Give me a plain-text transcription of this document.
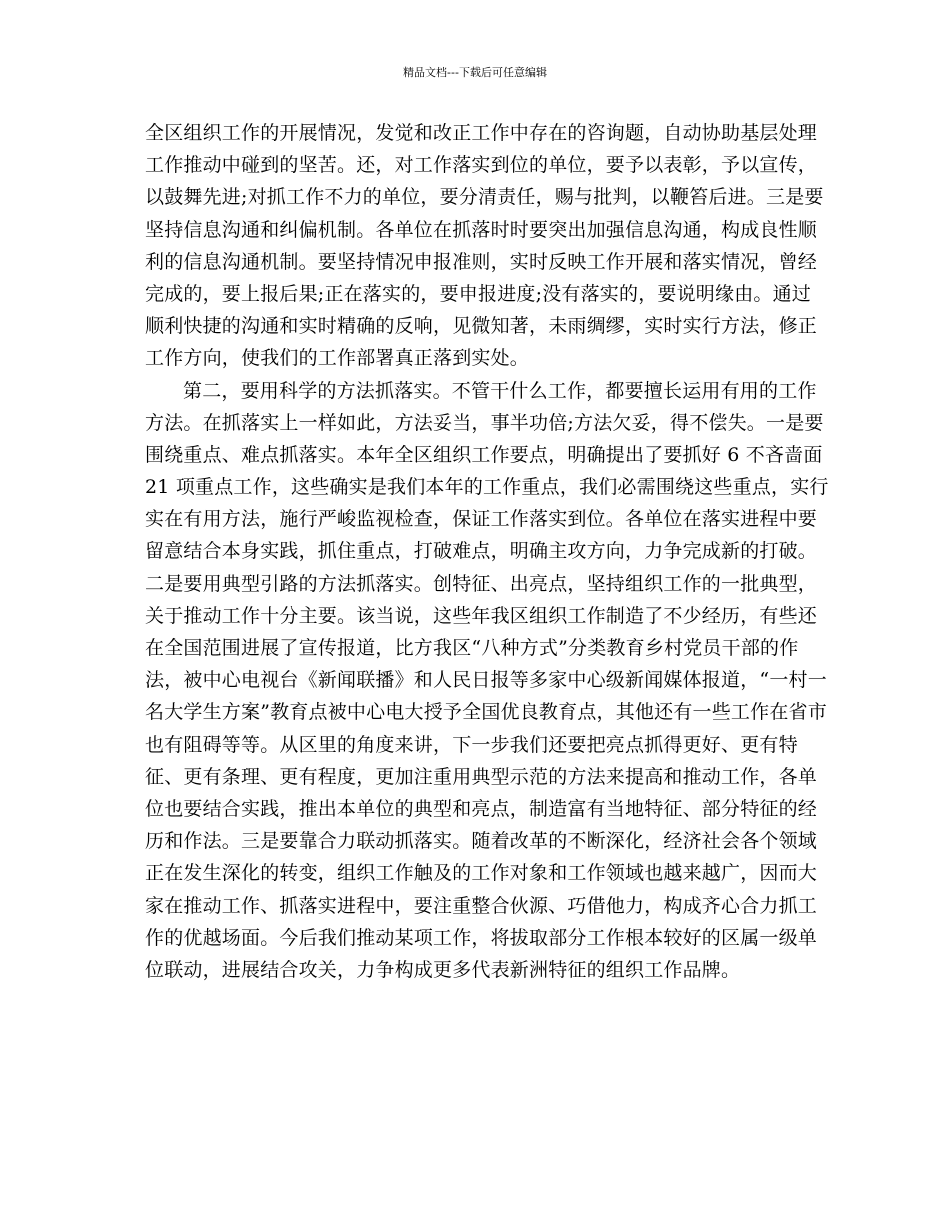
精品文档---下载后可任意编辑
全区组织工作的开展情况，发觉和改正工作中存在的咨询题，自动协助基层处理
工作推动中碰到的坚苦。还，对工作落实到位的单位，要予以表彰，予以宣传，
以鼓舞先进;对抓工作不力的单位，要分清责任，赐与批判，以鞭笞后进。三是要
坚持信息沟通和纠偏机制。各单位在抓落时时要突出加强信息沟通，构成良性顺
利的信息沟通机制。要坚持情况申报准则，实时反映工作开展和落实情况，曾经
完成的，要上报后果;正在落实的，要申报进度;没有落实的，要说明缘由。通过
顺利快捷的沟通和实时精确的反响，见微知著，未雨绸缪，实时实行方法，修正
工作方向，使我们的工作部署真正落到实处。
第二，要用科学的方法抓落实。不管干什么工作，都要擅长运用有用的工作
方法。在抓落实上一样如此，方法妥当，事半功倍;方法欠妥，得不偿失。一是要
围绕重点、难点抓落实。本年全区组织工作要点，明确提出了要抓好 6 不吝啬面
21 项重点工作，这些确实是我们本年的工作重点，我们必需围绕这些重点，实行
实在有用方法，施行严峻监视检查，保证工作落实到位。各单位在落实进程中要
留意结合本身实践，抓住重点，打破难点，明确主攻方向，力争完成新的打破。
二是要用典型引路的方法抓落实。创特征、出亮点，坚持组织工作的一批典型，
关于推动工作十分主要。该当说，这些年我区组织工作制造了不少经历，有些还
在全国范围进展了宣传报道，比方我区“八种方式”分类教育乡村党员干部的作
法，被中心电视台《新闻联播》和人民日报等多家中心级新闻媒体报道，“一村一
名大学生方案”教育点被中心电大授予全国优良教育点，其他还有一些工作在省市
也有阻碍等等。从区里的角度来讲，下一步我们还要把亮点抓得更好、更有特
征、更有条理、更有程度，更加注重用典型示范的方法来提高和推动工作，各单
位也要结合实践，推出本单位的典型和亮点，制造富有当地特征、部分特征的经
历和作法。三是要靠合力联动抓落实。随着改革的不断深化，经济社会各个领域
正在发生深化的转变，组织工作触及的工作对象和工作领域也越来越广，因而大
家在推动工作、抓落实进程中，要注重整合伙源、巧借他力，构成齐心合力抓工
作的优越场面。今后我们推动某项工作，将拔取部分工作根本较好的区属一级单
位联动，进展结合攻关，力争构成更多代表新洲特征的组织工作品牌。
